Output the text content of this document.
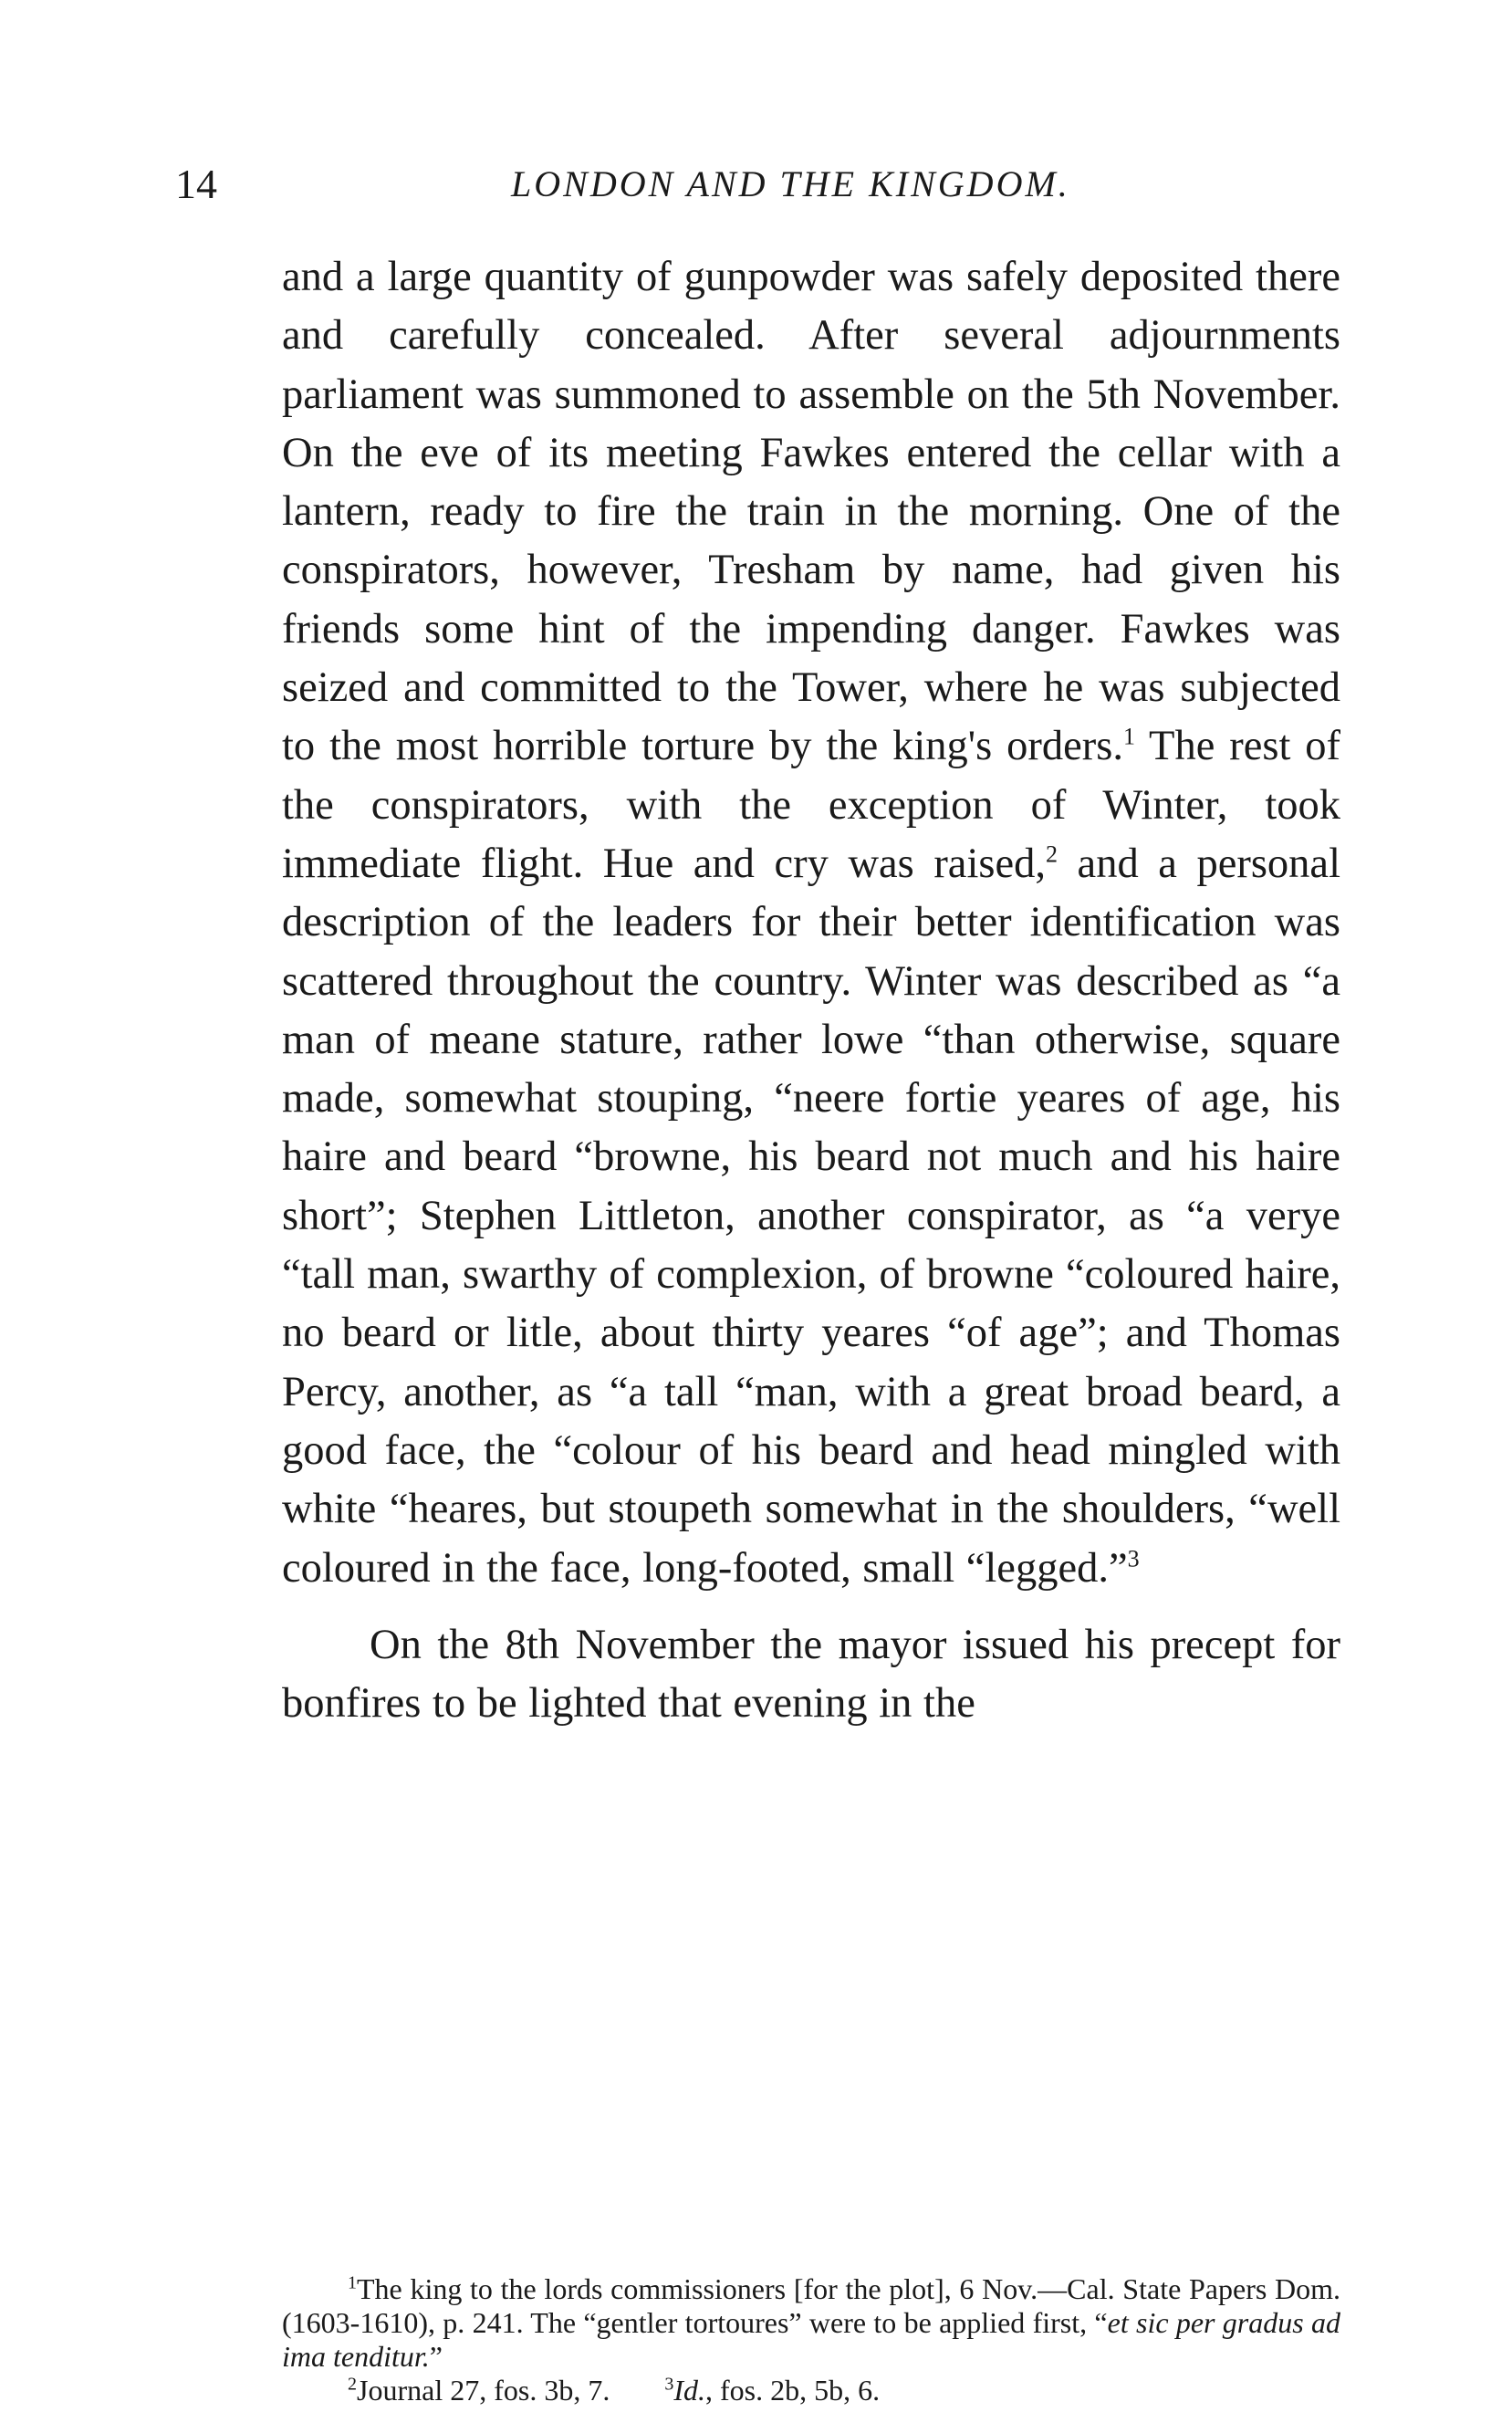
14	LONDON AND THE KINGDOM.

and a large quantity of gunpowder was safely deposited there and carefully concealed. After several adjournments parliament was summoned to assemble on the 5th November. On the eve of its meeting Fawkes entered the cellar with a lantern, ready to fire the train in the morning. One of the conspirators, however, Tresham by name, had given his friends some hint of the impending danger. Fawkes was seized and committed to the Tower, where he was subjected to the most horrible torture by the king's orders.$^1$ The rest of the conspirators, with the exception of Winter, took immediate flight. Hue and cry was raised,$^2$ and a personal description of the leaders for their better identification was scattered throughout the country. Winter was described as “a man of meane stature, rather lowe “than otherwise, square made, somewhat stouping, “neere fortie yeares of age, his haire and beard “browne, his beard not much and his haire short”; Stephen Littleton, another conspirator, as “a verye “tall man, swarthy of complexion, of browne “coloured haire, no beard or litle, about thirty yeares “of age”; and Thomas Percy, another, as “a tall “man, with a great broad beard, a good face, the “colour of his beard and head mingled with white “heares, but stoupeth somewhat in the shoulders, “well coloured in the face, long-footed, small “legged.”$^3$

On the 8th November the mayor issued his precept for bonfires to be lighted that evening in the

$^1$The king to the lords commissioners [for the plot], 6 Nov.—Cal. State Papers Dom. (1603-1610), p. 241. The “gentler tortoures” were to be applied first, “et sic per gradus ad ima tenditur.”

$^2$Journal 27, fos. 3b, 7.	$^3$Id., fos. 2b, 5b, 6.
